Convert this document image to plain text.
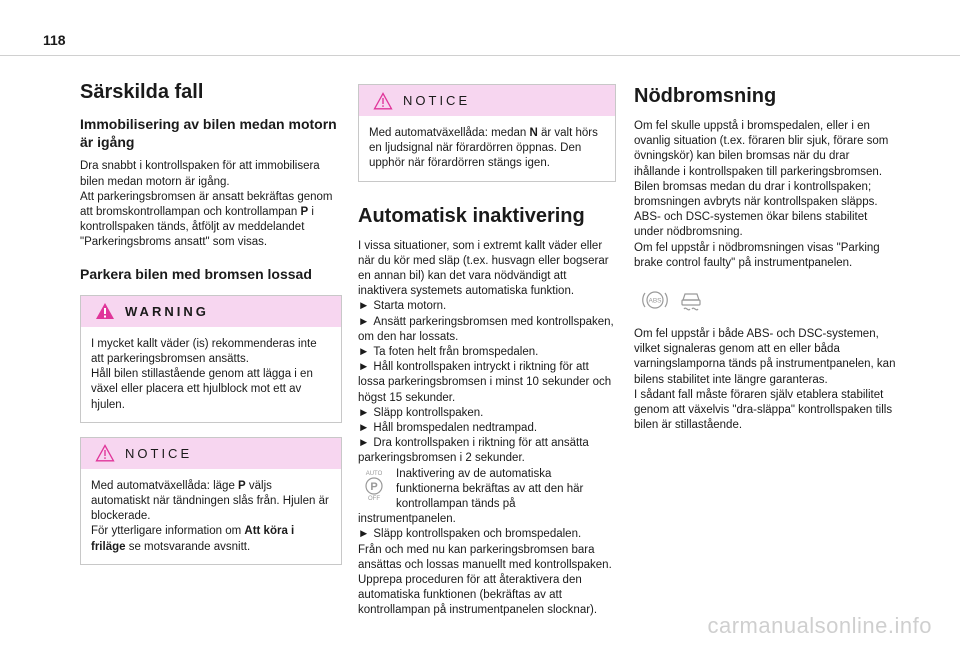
118
Särskilda fall
Immobilisering av bilen medan motorn är igång

Dra snabbt i kontrollspaken för att immobilisera bilen medan motorn är igång.

Att parkeringsbromsen är ansatt bekräftas genom att bromskontrollampan och kontrollampan P i kontrollspaken tänds, åtföljt av meddelandet "Parkeringsbroms ansatt" som visas.

Parkera bilen med bromsen lossad
WARNING

I mycket kallt väder (is) rekommenderas inte att parkeringsbromsen ansätts.

Håll bilen stillastående genom att lägga i en växel eller placera ett hjulblock mot ett av hjulen.

NOTICE

Med automatväxellåda: läge P väljs automatiskt när tändningen slås från. Hjulen är blockerade.

För ytterligare information om Att köra i friläge se motsvarande avsnitt.

NOTICE

Med automatväxellåda: medan N är valt hörs en ljudsignal när förardörren öppnas. Den upphör när förardörren stängs igen.

Automatisk inaktivering

I vissa situationer, som i extremt kallt väder eller när du kör med släp (t.ex. husvagn eller bogserar en annan bil) kan det vara nödvändigt att inaktivera systemets automatiska funktion.

► Starta motorn.

► Ansätt parkeringsbromsen med kontrollspaken, om den har lossats.

► Ta foten helt från bromspedalen.

► Håll kontrollspaken intryckt i riktning för att lossa parkeringsbromsen i minst 10 sekunder och högst 15 sekunder.

► Släpp kontrollspaken.

► Håll bromspedalen nedtrampad.

► Dra kontrollspaken i riktning för att ansätta parkeringsbromsen i 2 sekunder.

AUTO
P
OFF
Inaktivering av de automatiska funktionerna bekräftas av att den här kontrollampan tänds på instrumentpanelen.

► Släpp kontrollspaken och bromspedalen.

Från och med nu kan parkeringsbromsen bara ansättas och lossas manuellt med kontrollspaken.

Upprepa proceduren för att återaktivera den automatiska funktionen (bekräftas av att kontrollampan på instrumentpanelen slocknar).

Nödbromsning

Om fel skulle uppstå i bromspedalen, eller i en ovanlig situation (t.ex. föraren blir sjuk, förare som övningskör) kan bilen bromsas när du drar ihållande i kontrollspaken till parkeringsbromsen.

Bilen bromsas medan du drar i kontrollspaken; bromsningen avbryts när kontrollspaken släpps.

ABS- och DSC-systemen ökar bilens stabilitet under nödbromsning.

Om fel uppstår i nödbromsningen visas "Parking brake control faulty" på instrumentpanelen.

ABS

Om fel uppstår i både ABS- och DSC-systemen, vilket signaleras genom att en eller båda varningslamporna tänds på instrumentpanelen, kan bilens stabilitet inte längre garanteras.

I sådant fall måste föraren själv etablera stabilitet genom att växelvis "dra-släppa" kontrollspaken tills bilen är stillastående.

carmanualsonline.info
